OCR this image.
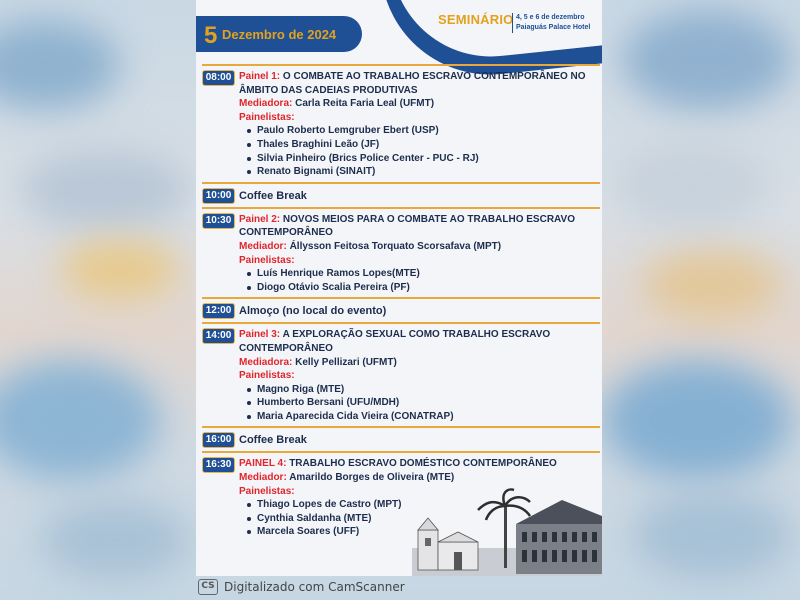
SEMINÁRIO 4, 5 e 6 de dezembro
Paiaguás Palace Hotel
5 Dezembro de 2024
08:00 Painel 1: O COMBATE AO TRABALHO ESCRAVO CONTEMPORÂNEO NO ÂMBITO DAS CADEIAS PRODUTIVAS
Mediadora: Carla Reita Faria Leal (UFMT)
Painelistas:
Paulo Roberto Lemgruber Ebert (USP)
Thales Braghini Leão (JF)
Silvia Pinheiro (Brics Police Center - PUC - RJ)
Renato Bignami (SINAIT)
10:00 Coffee Break
10:30 Painel 2: NOVOS MEIOS PARA O COMBATE AO TRABALHO ESCRAVO CONTEMPORÂNEO
Mediador: Állysson Feitosa Torquato Scorsafava (MPT)
Painelistas:
Luís Henrique Ramos Lopes(MTE)
Diogo Otávio Scalia Pereira (PF)
12:00 Almoço (no local do evento)
14:00 Painel 3: A EXPLORAÇÃO SEXUAL COMO TRABALHO ESCRAVO CONTEMPORÂNEO
Mediadora: Kelly Pellizari (UFMT)
Painelistas:
Magno Riga (MTE)
Humberto Bersani (UFU/MDH)
Maria Aparecida Cida Vieira (CONATRAP)
16:00 Coffee Break
16:30 PAINEL 4: TRABALHO ESCRAVO DOMÉSTICO CONTEMPORÂNEO
Mediador: Amarildo Borges de Oliveira (MTE)
Painelistas:
Thiago Lopes de Castro (MPT)
Cynthia Saldanha (MTE)
Marcela Soares (UFF)
CS Digitalizado com CamScanner
